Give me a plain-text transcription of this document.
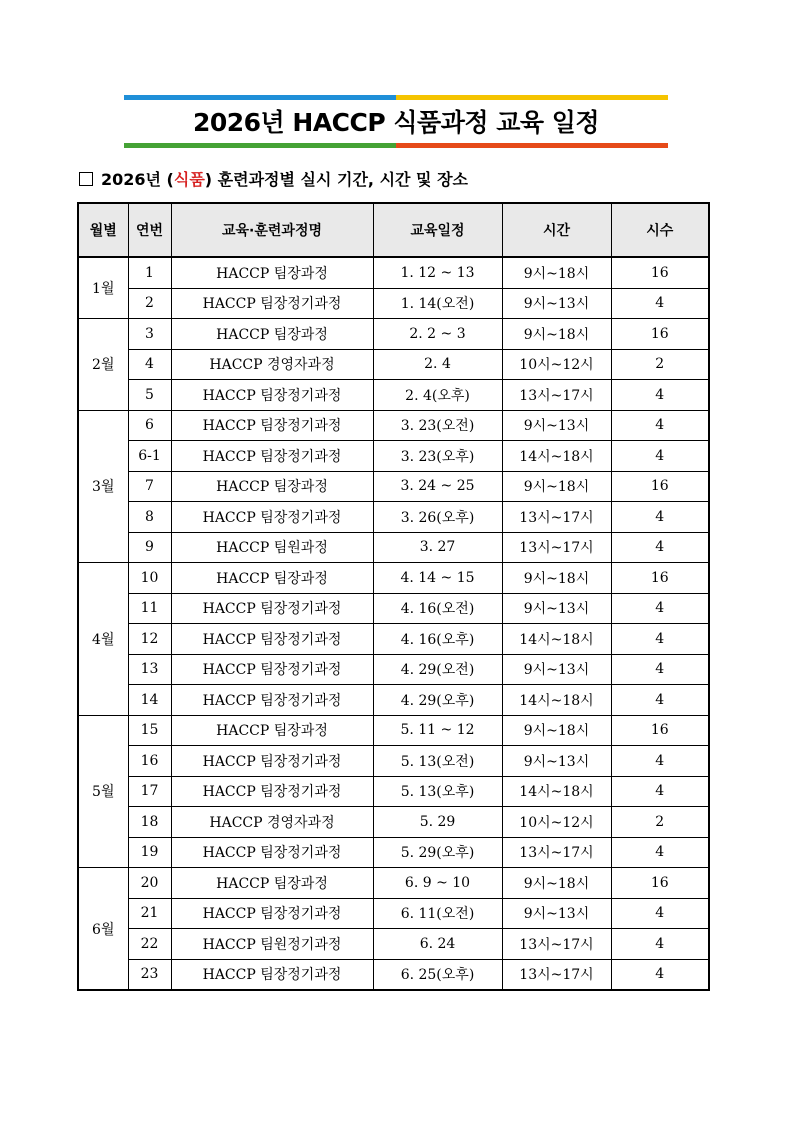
2026년 HACCP 식품과정 교육 일정
2026년 ( 식품 ) 훈련과정별 실시 기간, 시간 및 장소
월별	연번	교육·훈련과정명	교육일정	시간	시수
1월	1	HACCP 팀장과정	1. 12 ~ 13	9시~18시	16
	2	HACCP 팀장정기과정	1. 14(오전)	9시~13시	4
2월	3	HACCP 팀장과정	2. 2 ~ 3	9시~18시	16
	4	HACCP 경영자과정	2. 4	10시~12시	2
	5	HACCP 팀장정기과정	2. 4(오후)	13시~17시	4
3월	6	HACCP 팀장정기과정	3. 23(오전)	9시~13시	4
	6-1	HACCP 팀장정기과정	3. 23(오후)	14시~18시	4
	7	HACCP 팀장과정	3. 24 ~ 25	9시~18시	16
	8	HACCP 팀장정기과정	3. 26(오후)	13시~17시	4
	9	HACCP 팀원과정	3. 27	13시~17시	4
4월	10	HACCP 팀장과정	4. 14 ~ 15	9시~18시	16
	11	HACCP 팀장정기과정	4. 16(오전)	9시~13시	4
	12	HACCP 팀장정기과정	4. 16(오후)	14시~18시	4
	13	HACCP 팀장정기과정	4. 29(오전)	9시~13시	4
	14	HACCP 팀장정기과정	4. 29(오후)	14시~18시	4
5월	15	HACCP 팀장과정	5. 11 ~ 12	9시~18시	16
	16	HACCP 팀장정기과정	5. 13(오전)	9시~13시	4
	17	HACCP 팀장정기과정	5. 13(오후)	14시~18시	4
	18	HACCP 경영자과정	5. 29	10시~12시	2
	19	HACCP 팀장정기과정	5. 29(오후)	13시~17시	4
6월	20	HACCP 팀장과정	6. 9 ~ 10	9시~18시	16
	21	HACCP 팀장정기과정	6. 11(오전)	9시~13시	4
	22	HACCP 팀원정기과정	6. 24	13시~17시	4
	23	HACCP 팀장정기과정	6. 25(오후)	13시~17시	4
